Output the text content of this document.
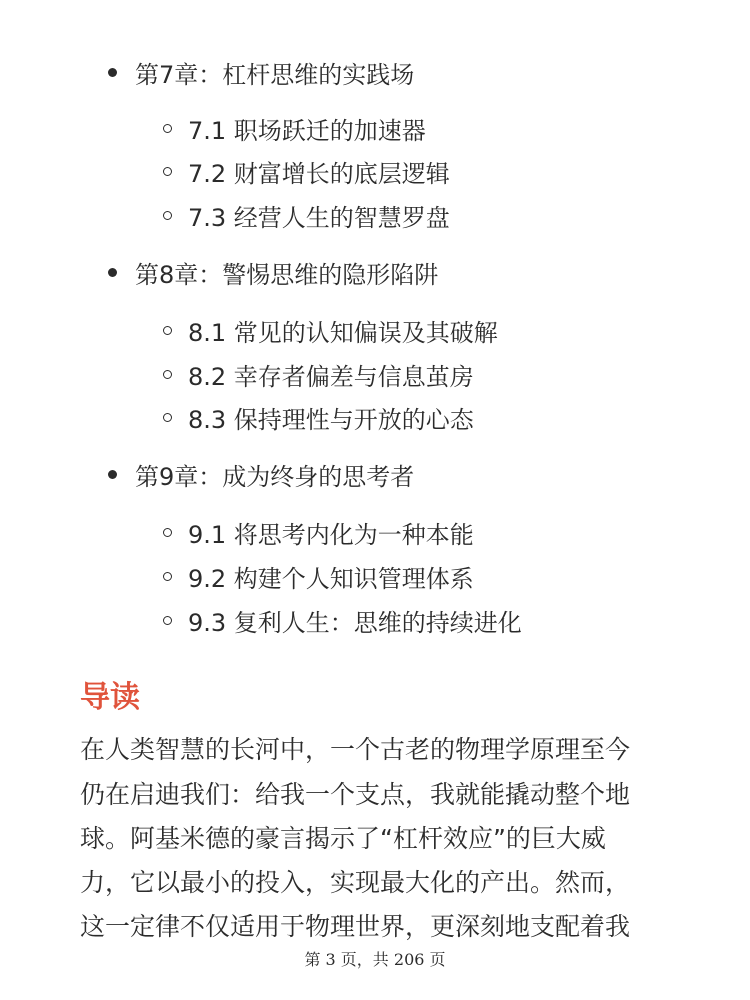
第7章：杠杆思维的实践场
7.1 职场跃迁的加速器
7.2 财富增长的底层逻辑
7.3 经营人生的智慧罗盘
第8章：警惕思维的隐形陷阱
8.1 常见的认知偏误及其破解
8.2 幸存者偏差与信息茧房
8.3 保持理性与开放的心态
第9章：成为终身的思考者
9.1 将思考内化为一种本能
9.2 构建个人知识管理体系
9.3 复利人生：思维的持续进化
导读
在人类智慧的长河中，一个古老的物理学原理至今
仍在启迪我们：给我一个支点，我就能撬动整个地
球。阿基米德的豪言揭示了“杠杆效应”的巨大威
力，它以最小的投入，实现最大化的产出。然而，
这一定律不仅适用于物理世界，更深刻地支配着我
第 3 页，共 206 页
